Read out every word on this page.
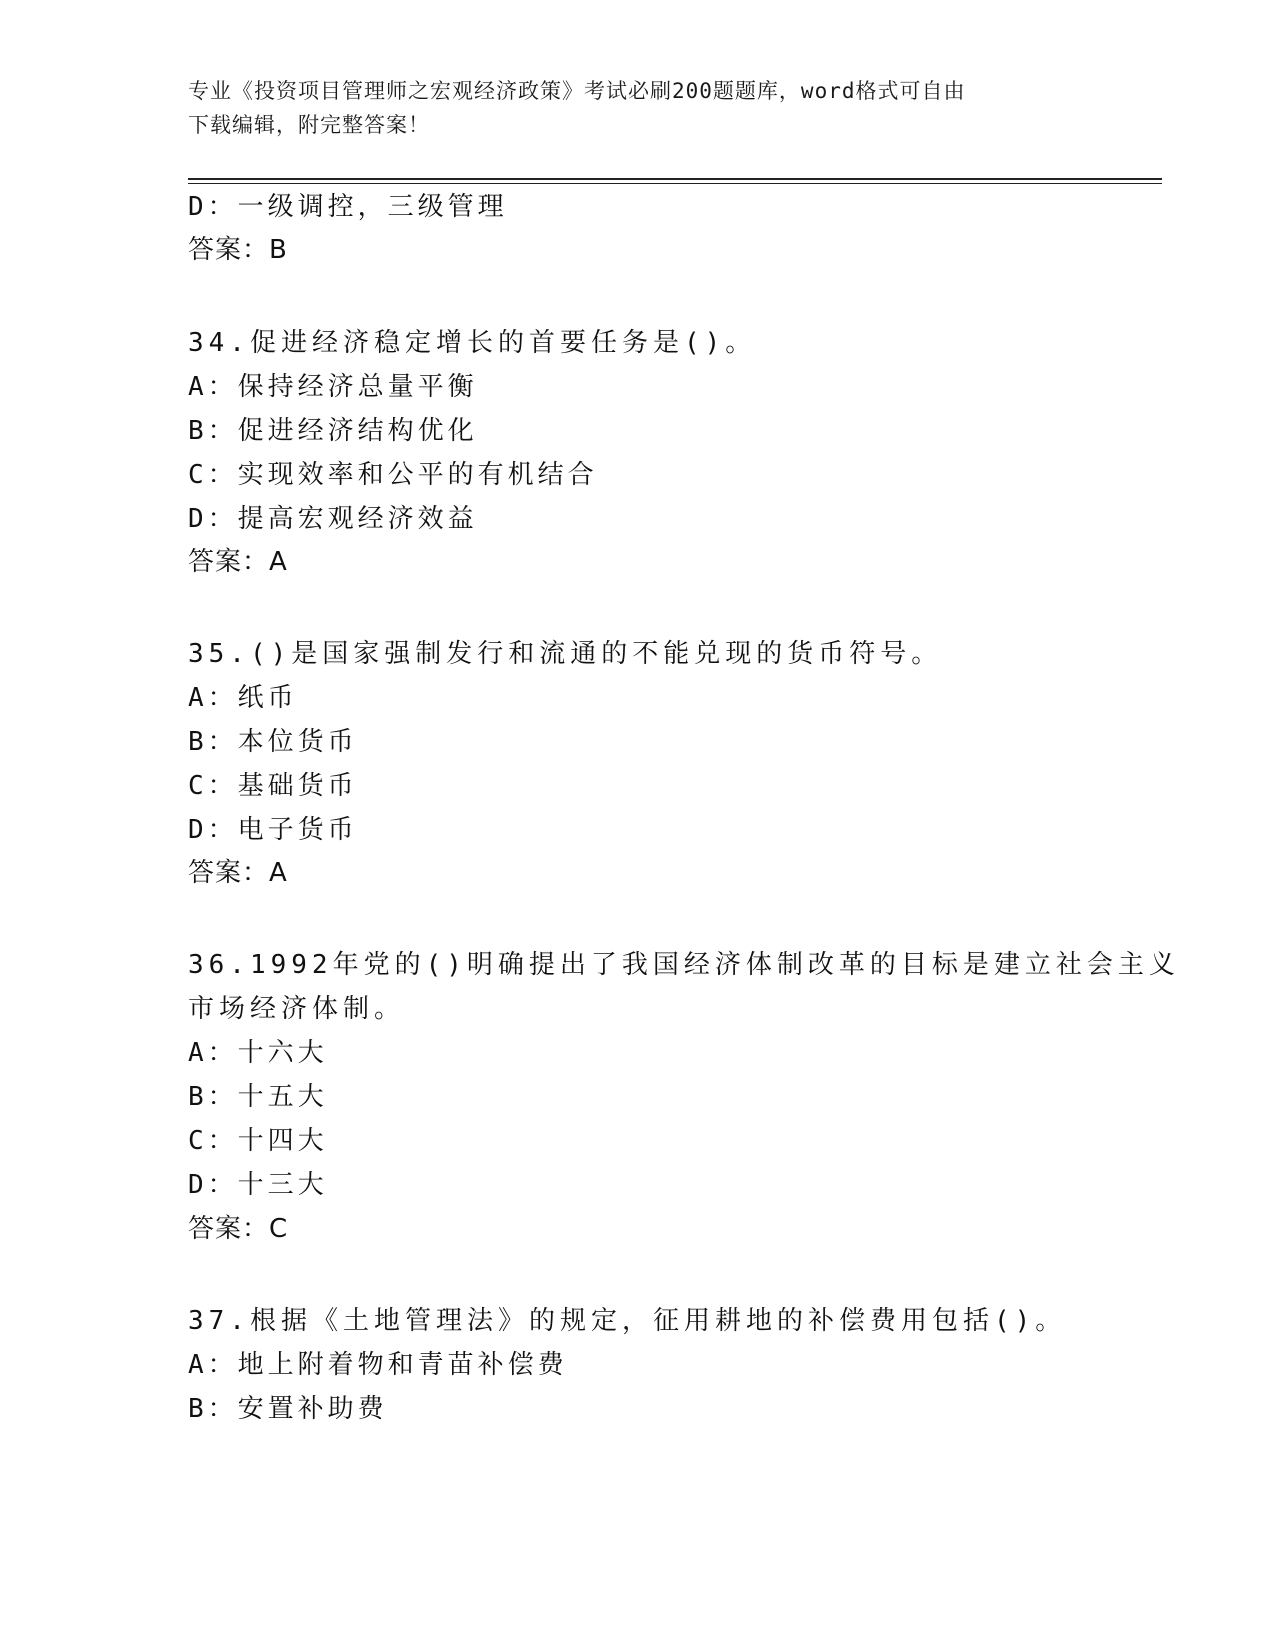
专业《投资项目管理师之宏观经济政策》考试必刷200题题库，word格式可自由
下载编辑，附完整答案！
D：一级调控，三级管理
答案：B
34.促进经济稳定增长的首要任务是()。
A：保持经济总量平衡
B：促进经济结构优化
C：实现效率和公平的有机结合
D：提高宏观经济效益
答案：A
35.()是国家强制发行和流通的不能兑现的货币符号。
A：纸币
B：本位货币
C：基础货币
D：电子货币
答案：A
36.1992年党的()明确提出了我国经济体制改革的目标是建立社会主义
市场经济体制。
A：十六大
B：十五大
C：十四大
D：十三大
答案：C
37.根据《土地管理法》的规定，征用耕地的补偿费用包括()。
A：地上附着物和青苗补偿费
B：安置补助费
